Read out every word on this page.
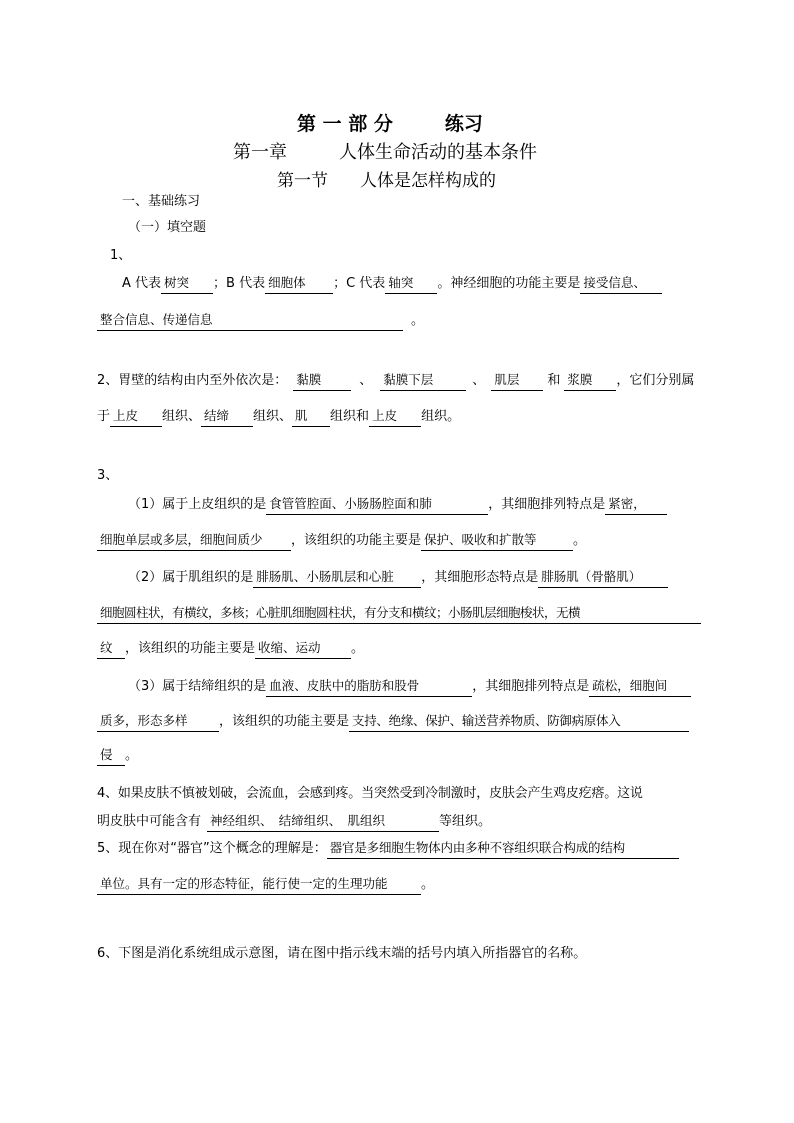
第 一 部 分	练习
第一章	人体生命活动的基本条件
第一节 人体是怎样构成的
一、基础练习
（一）填空题
1、
A 代表 树突 ；B 代表 细胞体 ；C 代表 轴突 。神经细胞的功能主要是 接受信息、
整合信息、传递信息	。
2、胃壁的结构由内至外依次是： 黏膜	、 黏膜下层	、 肌层 和 浆膜 ，它们分别属
于 上皮 组织、 结缔 组织、 肌 组织和 上皮 组织。
3、
（1）属于上皮组织的是 食管管腔面、小肠肠腔面和肺	，其细胞排列特点是 紧密，
细胞单层或多层，细胞间质少 ，该组织的功能主要是 保护、吸收和扩散等	。
（2）属于肌组织的是 腓肠肌、小肠肌层和心脏 ，其细胞形态特点是 腓肠肌（骨骼肌）
细胞圆柱状，有横纹，多核；心脏肌细胞圆柱状，有分支和横纹；小肠肌层细胞梭状，无横
纹 ，该组织的功能主要是 收缩、运动 。
（3）属于结缔组织的是 血液、皮肤中的脂肪和股骨	，其细胞排列特点是 疏松，细胞间
质多，形态多样 ，该组织的功能主要是 支持、绝缘、保护、输送营养物质、防御病原体入
侵 。
4、如果皮肤不慎被划破，会流血，会感到疼。当突然受到冷制激时，皮肤会产生鸡皮疙瘩。这说
明皮肤中可能含有 神经组织、　结缔组织、　肌组织	等组织。
5、现在你对“器官”这个概念的理解是： 器官是多细胞生物体内由多种不容组织联合构成的结构
单位。具有一定的形态特征，能行使一定的生理功能	。
6、下图是消化系统组成示意图，请在图中指示线末端的括号内填入所指器官的名称。
